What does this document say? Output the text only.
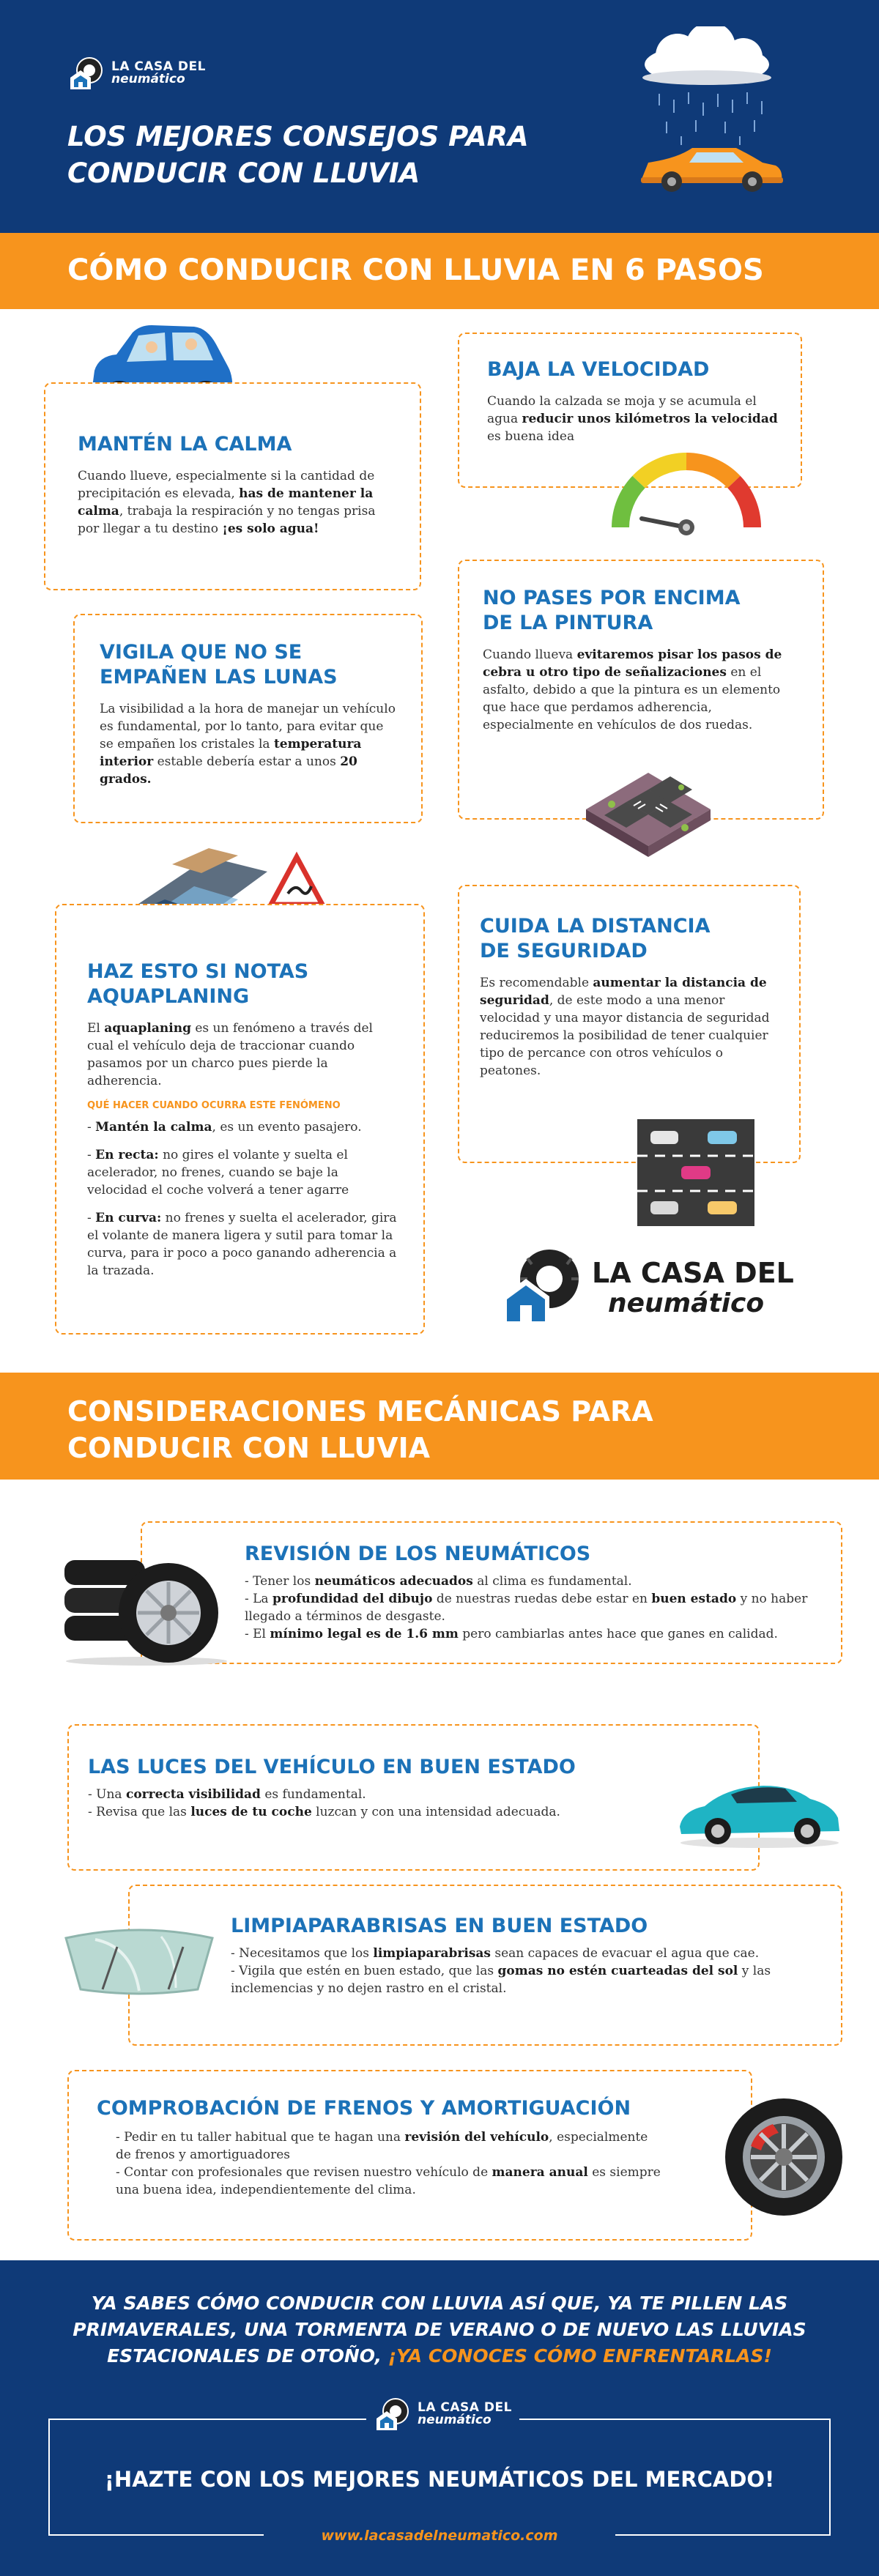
LA CASA DEL
neumático
LOS MEJORES CONSEJOS PARA
CONDUCIR CON LLUVIA
CÓMO CONDUCIR CON LLUVIA EN 6 PASOS
MANTÉN LA CALMA

Cuando llueve, especialmente si la cantidad de precipitación es elevada, has de mantener la calma, trabaja la respiración y no tengas prisa por llegar a tu destino ¡es solo agua!

BAJA LA VELOCIDAD

Cuando la calzada se moja y se acumula el agua reducir unos kilómetros la velocidad es buena idea

NO PASES POR ENCIMA
DE LA PINTURA

Cuando llueva evitaremos pisar los pasos de cebra u otro tipo de señalizaciones en el asfalto, debido a que la pintura es un elemento que hace que perdamos adherencia, especialmente en vehículos de dos ruedas.

VIGILA QUE NO SE
EMPAÑEN LAS LUNAS

La visibilidad a la hora de manejar un vehículo es fundamental, por lo tanto, para evitar que se empañen los cristales la temperatura interior estable debería estar a unos 20 grados.

HAZ ESTO SI NOTAS
AQUAPLANING

El aquaplaning es un fenómeno a través del cual el vehículo deja de traccionar cuando pasamos por un charco pues pierde la adherencia.

QUÉ HACER CUANDO OCURRA ESTE FENÓMENO
- Mantén la calma, es un evento pasajero.
- En recta: no gires el volante y suelta el acelerador, no frenes, cuando se baje la velocidad el coche volverá a tener agarre
- En curva: no frenes y suelta el acelerador, gira el volante de manera ligera y sutil para tomar la curva, para ir poco a poco ganando adherencia a la trazada.
CUIDA LA DISTANCIA
DE SEGURIDAD

Es recomendable aumentar la distancia de seguridad, de este modo a una menor velocidad y una mayor distancia de seguridad reduciremos la posibilidad de tener cualquier tipo de percance con otros vehículos o peatones.

LA CASA DEL
neumático
CONSIDERACIONES MECÁNICAS PARA
CONDUCIR CON LLUVIA
REVISIÓN DE LOS NEUMÁTICOS

- Tener los neumáticos adecuados al clima es fundamental.

- La profundidad del dibujo de nuestras ruedas debe estar en buen estado y no haber llegado a términos de desgaste.

- El mínimo legal es de 1.6 mm pero cambiarlas antes hace que ganes en calidad.

LAS LUCES DEL VEHÍCULO EN BUEN ESTADO

- Una correcta visibilidad es fundamental.

- Revisa que las luces de tu coche luzcan y con una intensidad adecuada.

LIMPIAPARABRISAS EN BUEN ESTADO

- Necesitamos que los limpiaparabrisas sean capaces de evacuar el agua que cae.

- Vigila que estén en buen estado, que las gomas no estén cuarteadas del sol y las inclemencias y no dejen rastro en el cristal.

COMPROBACIÓN DE FRENOS Y AMORTIGUACIÓN

- Pedir en tu taller habitual que te hagan una revisión del vehículo, especialmente de frenos y amortiguadores

- Contar con profesionales que revisen nuestro vehículo de manera anual es siempre una buena idea, independientemente del clima.

YA SABES CÓMO CONDUCIR CON LLUVIA ASÍ QUE, YA TE PILLEN LAS
PRIMAVERALES, UNA TORMENTA DE VERANO O DE NUEVO LAS LLUVIAS
ESTACIONALES DE OTOÑO, ¡YA CONOCES CÓMO ENFRENTARLAS!
LA CASA DEL
neumático
¡HAZTE CON LOS MEJORES NEUMÁTICOS DEL MERCADO!
www.lacasadelneumatico.com
